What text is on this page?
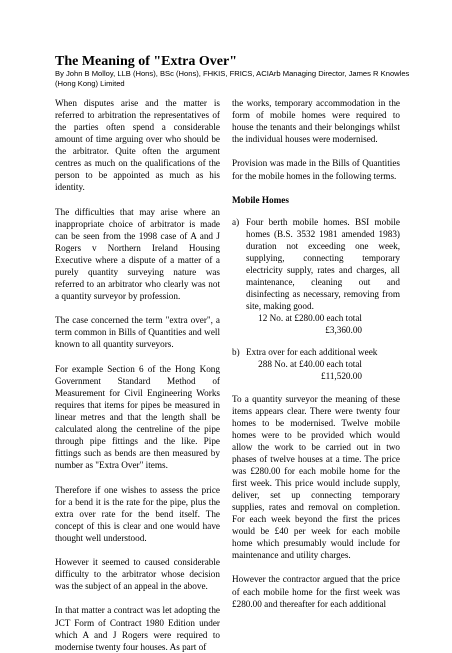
The Meaning of "Extra Over"

By John B Molloy, LLB (Hons), BSc (Hons), FHKIS, FRICS, ACIArb Managing Director, James R Knowles (Hong Kong) Limited

When disputes arise and the matter is referred to arbitration the representatives of the parties often spend a considerable amount of time arguing over who should be the arbitrator. Quite often the argument centres as much on the qualifications of the person to be appointed as much as his identity.

The difficulties that may arise where an inappropriate choice of arbitrator is made can be seen from the 1998 case of A and J Rogers v Northern Ireland Housing Executive where a dispute of a matter of a purely quantity surveying nature was referred to an arbitrator who clearly was not a quantity surveyor by profession.

The case concerned the term "extra over", a term common in Bills of Quantities and well known to all quantity surveyors.

For example Section 6 of the Hong Kong Government Standard Method of Measurement for Civil Engineering Works requires that items for pipes be measured in linear metres and that the length shall be calculated along the centreline of the pipe through pipe fittings and the like. Pipe fittings such as bends are then measured by number as "Extra Over" items.

Therefore if one wishes to assess the price for a bend it is the rate for the pipe, plus the extra over rate for the bend itself. The concept of this is clear and one would have thought well understood.

However it seemed to caused considerable difficulty to the arbitrator whose decision was the subject of an appeal in the above.

In that matter a contract was let adopting the JCT Form of Contract 1980 Edition under which A and J Rogers were required to modernise twenty four houses. As part of

the works, temporary accommodation in the form of mobile homes were required to house the tenants and their belongings whilst the individual houses were modernised.

Provision was made in the Bills of Quantities for the mobile homes in the following terms.

Mobile Homes

a) Four berth mobile homes. BSI mobile homes (B.S. 3532 1981 amended 1983) duration not exceeding one week, supplying, connecting temporary electricity supply, rates and charges, all maintenance, cleaning out and disinfecting as necessary, removing from site, making good.
12 No. at £280.00 each total
£3,360.00
b) Extra over for each additional week
288 No. at £40.00 each total
£11,520.00

To a quantity surveyor the meaning of these items appears clear. There were twenty four homes to be modernised. Twelve mobile homes were to be provided which would allow the work to be carried out in two phases of twelve houses at a time. The price was £280.00 for each mobile home for the first week. This price would include supply, deliver, set up connecting temporary supplies, rates and removal on completion. For each week beyond the first the prices would be £40 per week for each mobile home which presumably would include for maintenance and utility charges.

However the contractor argued that the price of each mobile home for the first week was £280.00 and thereafter for each additional
